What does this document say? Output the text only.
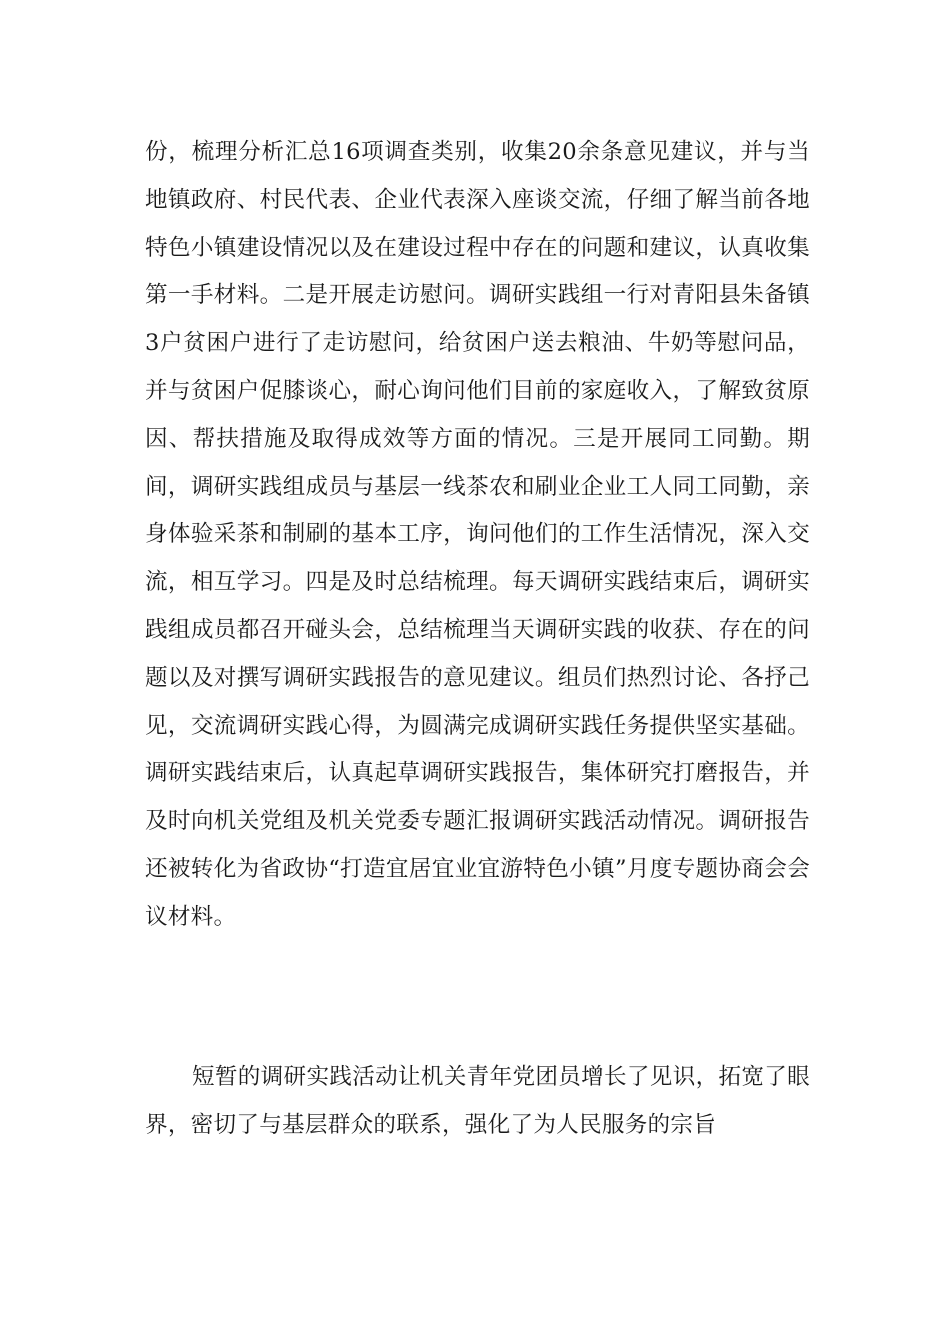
份，梳理分析汇总16项调查类别，收集20余条意见建议，并与当地镇政府、村民代表、企业代表深入座谈交流，仔细了解当前各地特色小镇建设情况以及在建设过程中存在的问题和建议，认真收集第一手材料。二是开展走访慰问。调研实践组一行对青阳县朱备镇3户贫困户进行了走访慰问，给贫困户送去粮油、牛奶等慰问品，并与贫困户促膝谈心，耐心询问他们目前的家庭收入，了解致贫原因、帮扶措施及取得成效等方面的情况。三是开展同工同勤。期间，调研实践组成员与基层一线茶农和刷业企业工人同工同勤，亲身体验采茶和制刷的基本工序，询问他们的工作生活情况，深入交流，相互学习。四是及时总结梳理。每天调研实践结束后，调研实践组成员都召开碰头会，总结梳理当天调研实践的收获、存在的问题以及对撰写调研实践报告的意见建议。组员们热烈讨论、各抒己见，交流调研实践心得，为圆满完成调研实践任务提供坚实基础。调研实践结束后，认真起草调研实践报告，集体研究打磨报告，并及时向机关党组及机关党委专题汇报调研实践活动情况。调研报告还被转化为省政协“打造宜居宜业宜游特色小镇”月度专题协商会会议材料。

短暂的调研实践活动让机关青年党团员增长了见识，拓宽了眼界，密切了与基层群众的联系，强化了为人民服务的宗旨
